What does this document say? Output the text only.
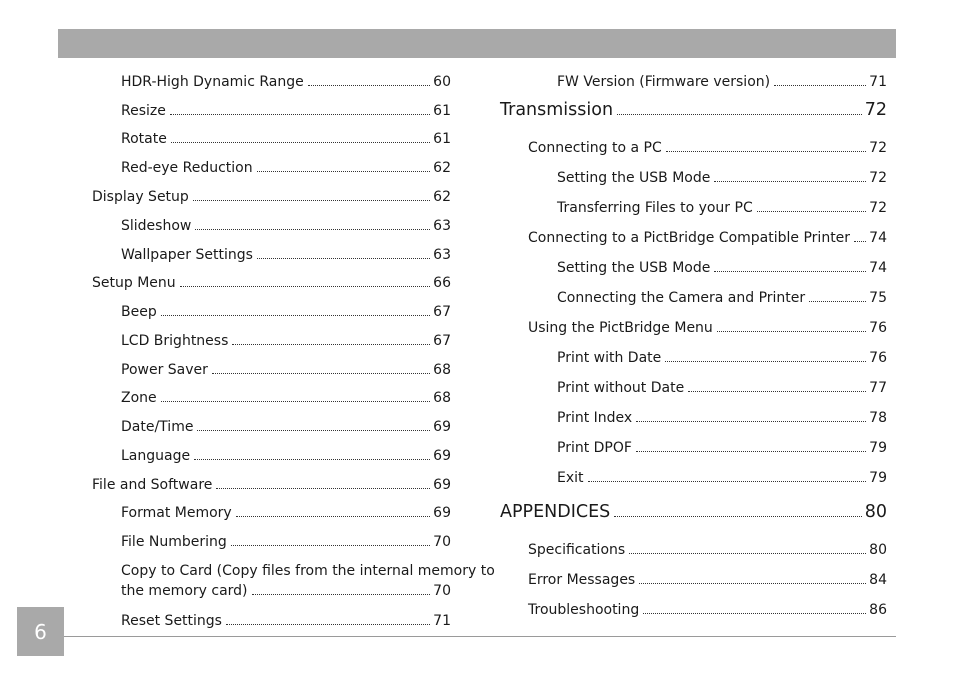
HDR-High Dynamic Range	60
Resize	61
Rotate	61
Red-eye Reduction	62
Display Setup	62
Slideshow	63
Wallpaper Settings	63
Setup Menu	66
Beep	67
LCD Brightness	67
Power Saver	68
Zone	68
Date/Time	69
Language	69
File and Software	69
Format Memory	69
File Numbering	70
Copy to Card (Copy files from the internal memory to
the memory card)	70
Reset Settings	71
FW Version (Firmware version)	71
Transmission	72
Connecting to a PC	72
Setting the USB Mode	72
Transferring Files to your PC	72
Connecting to a PictBridge Compatible Printer 74
Setting the USB Mode	74
Connecting the Camera and Printer	75
Using the PictBridge Menu	76
Print with Date	76
Print without Date	77
Print Index	78
Print DPOF	79
Exit	79
APPENDICES	80
Specifications	80
Error Messages	84
Troubleshooting	86
6
